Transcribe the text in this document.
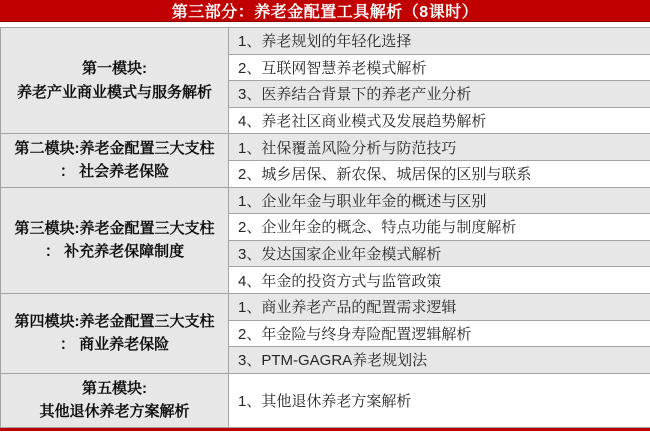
第三部分：养老金配置工具解析（8课时）
第一模块:
养老产业商业模式与服务解析	1、养老规划的年轻化选择
	2、互联网智慧养老模式解析
	3、医养结合背景下的养老产业分析
	4、养老社区商业模式及发展趋势解析

第二模块:养老金配置三大支柱
： 社会养老保险	1、社保覆盖风险分析与防范技巧
	2、城乡居保、新农保、城居保的区别与联系

第三模块:养老金配置三大支柱
： 补充养老保障制度	1、企业年金与职业年金的概述与区别
	2、企业年金的概念、特点功能与制度解析
	3、发达国家企业年金模式解析
	4、年金的投资方式与监管政策

第四模块:养老金配置三大支柱
： 商业养老保险	1、商业养老产品的配置需求逻辑
	2、年金险与终身寿险配置逻辑解析
	3、PTM-GAGRA养老规划法

第五模块:
其他退休养老方案解析	1、其他退休养老方案解析
